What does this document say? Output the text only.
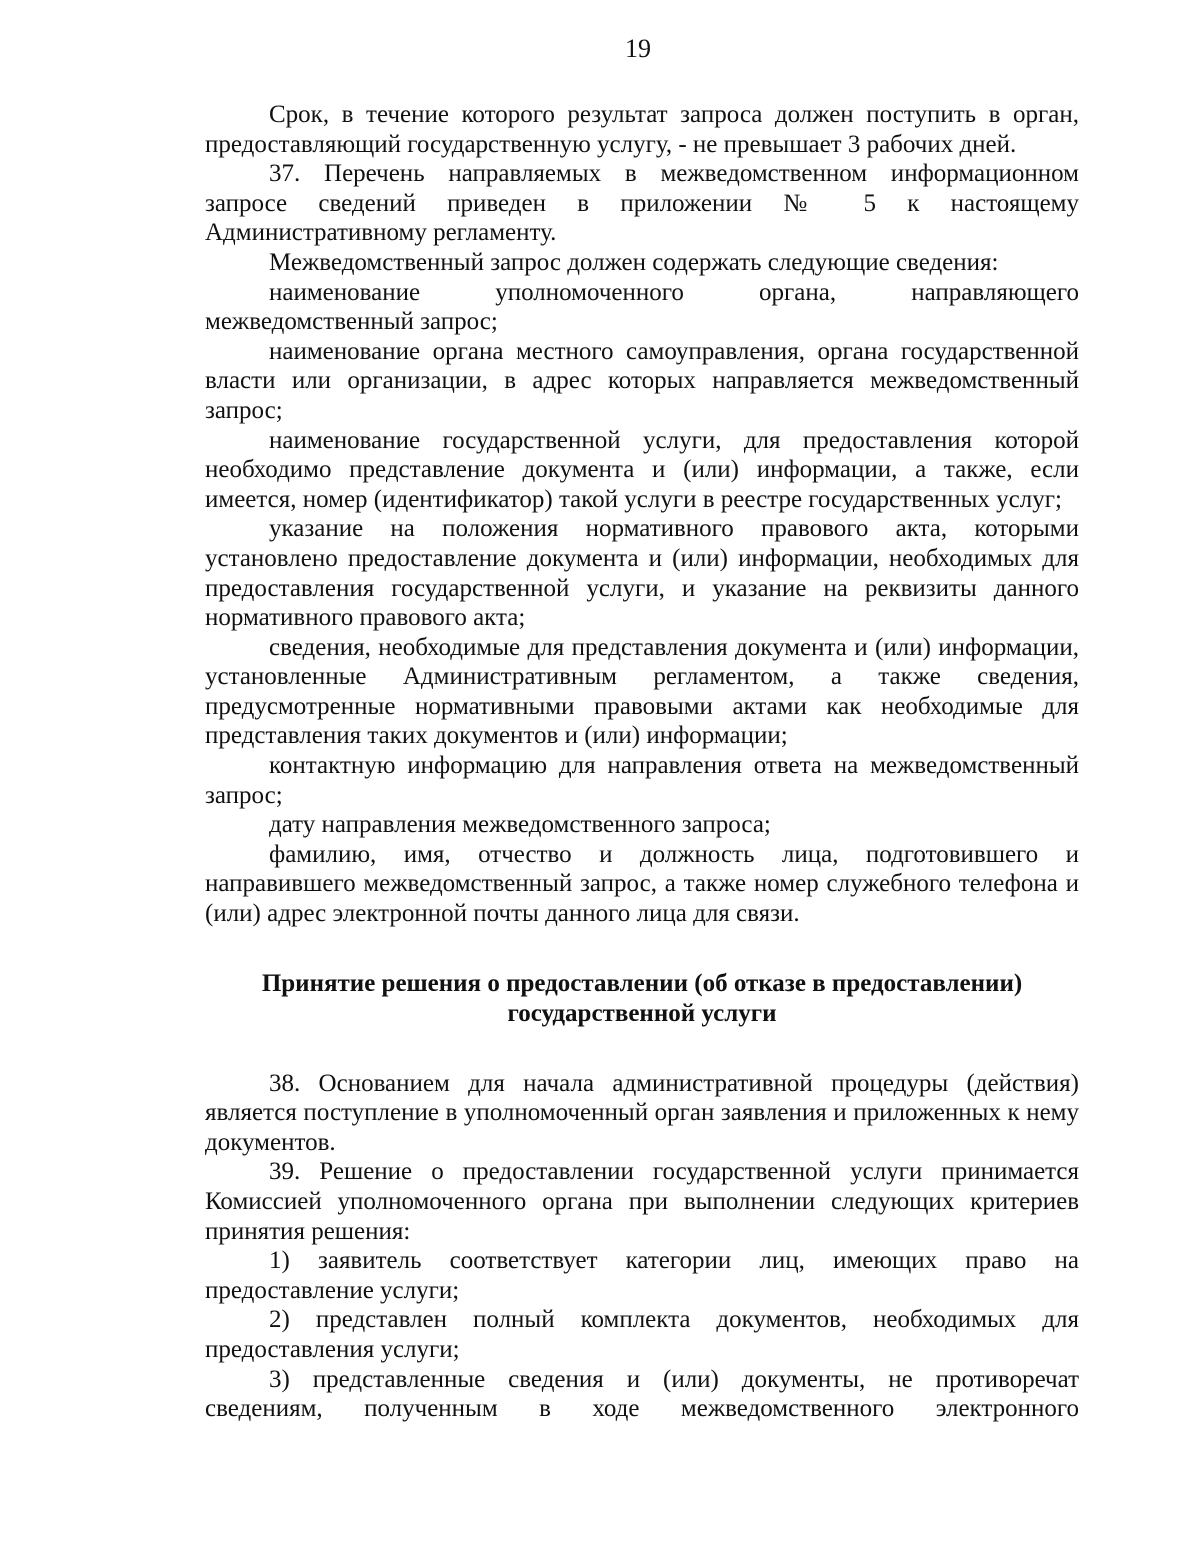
19

Срок, в течение которого результат запроса должен поступить в орган, предоставляющий государственную услугу, - не превышает 3 рабочих дней.

37. Перечень направляемых в межведомственном информационном запросе сведений приведен в приложении № 5 к настоящему Административному регламенту.

Межведомственный запрос должен содержать следующие сведения:

наименование уполномоченного органа, направляющего межведомственный запрос;

наименование органа местного самоуправления, органа государственной власти или организации, в адрес которых направляется межведомственный запрос;

наименование государственной услуги, для предоставления которой необходимо представление документа и (или) информации, а также, если имеется, номер (идентификатор) такой услуги в реестре государственных услуг;

указание на положения нормативного правового акта, которыми установлено предоставление документа и (или) информации, необходимых для предоставления государственной услуги, и указание на реквизиты данного нормативного правового акта;

сведения, необходимые для представления документа и (или) информации, установленные Административным регламентом, а также сведения, предусмотренные нормативными правовыми актами как необходимые для представления таких документов и (или) информации;

контактную информацию для направления ответа на межведомственный запрос;

дату направления межведомственного запроса;

фамилию, имя, отчество и должность лица, подготовившего и направившего межведомственный запрос, а также номер служебного телефона и (или) адрес электронной почты данного лица для связи.

Принятие решения о предоставлении (об отказе в предоставлении)
государственной услуги

38. Основанием для начала административной процедуры (действия) является поступление в уполномоченный орган заявления и приложенных к нему документов.

39. Решение о предоставлении государственной услуги принимается Комиссией уполномоченного органа при выполнении следующих критериев принятия решения:

1) заявитель соответствует категории лиц, имеющих право на предоставление услуги;

2) представлен полный комплекта документов, необходимых для предоставления услуги;

3) представленные сведения и (или) документы, не противоречат сведениям, полученным в ходе межведомственного электронного
